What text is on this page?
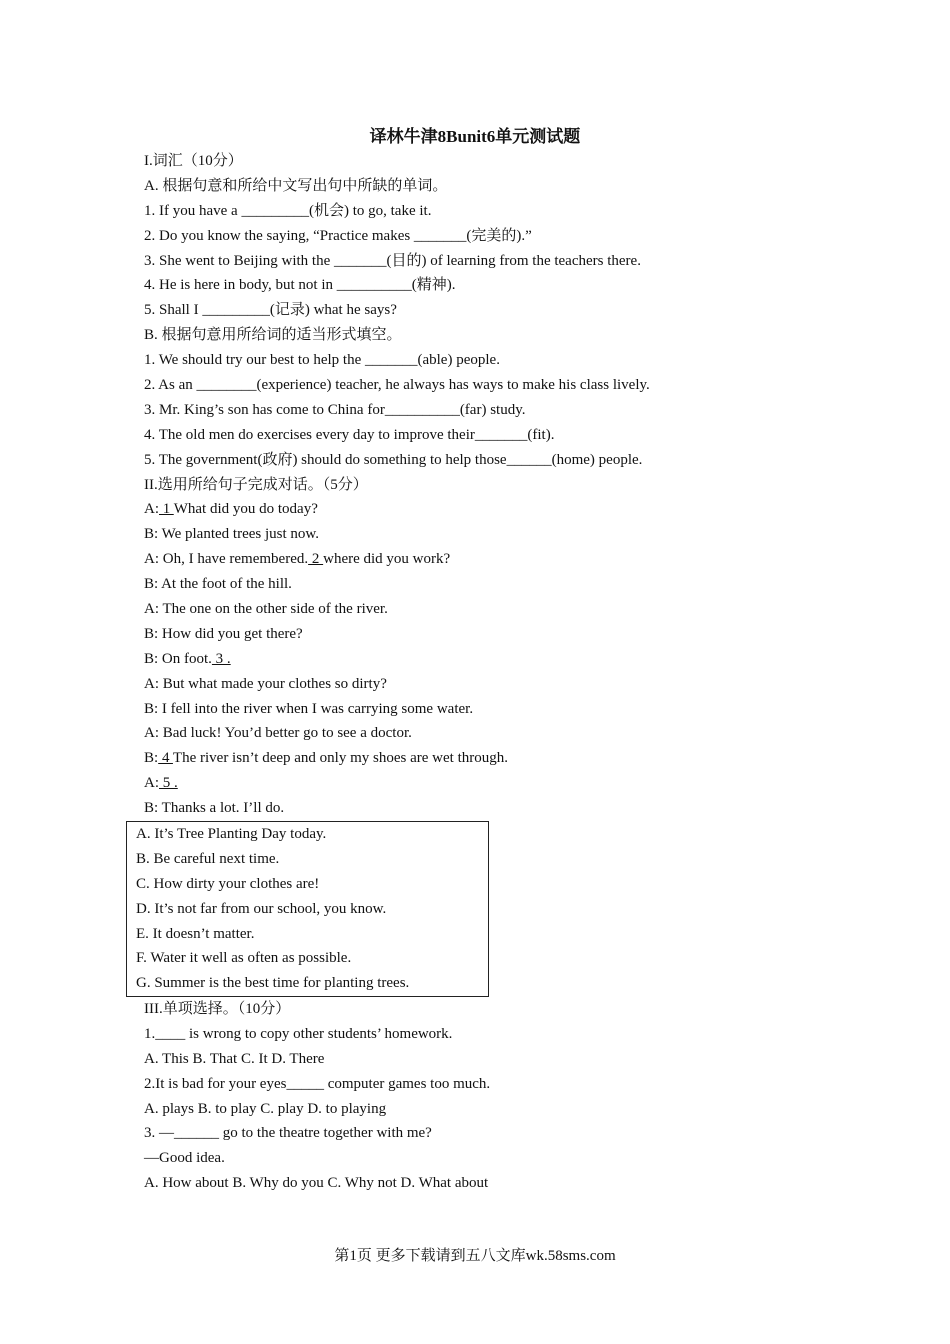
译林牛津8Bunit6单元测试题
I.词汇（10分）
A. 根据句意和所给中文写出句中所缺的单词。
1. If you have a _________(机会) to go, take it.
2. Do you know the saying, “Practice makes _______(完美的).”
3. She went to Beijing with the _______(目的) of learning from the teachers there.
4. He is here in body, but not in __________(精神).
5. Shall I _________(记录) what he says?
B. 根据句意用所给词的适当形式填空。
1. We should try our best to help the _______(able) people.
2. As an ________(experience) teacher, he always has ways to make his class lively.
3. Mr. King’s son has come to China for__________(far) study.
4. The old men do exercises every day to improve their_______(fit).
5. The government(政府) should do something to help those______(home) people.
II.选用所给句子完成对话。（5分）
A: 1 What did you do today?
B: We planted trees just now.
A: Oh, I have remembered. 2 where did you work?
B: At the foot of the hill.
A: The one on the other side of the river.
B: How did you get there?
B: On foot. 3 .
A: But what made your clothes so dirty?
B: I fell into the river when I was carrying some water.
A: Bad luck! You’d better go to see a doctor.
B: 4 The river isn’t deep and only my shoes are wet through.
A: 5 .
B: Thanks a lot. I’ll do.
A. It’s Tree Planting Day today.
B. Be careful next time.
C. How dirty your clothes are!
D. It’s not far from our school, you know.
E. It doesn’t matter.
F. Water it well as often as possible.
G. Summer is the best time for planting trees.
III.单项选择。（10分）
1.____ is wrong to copy other students’ homework.
A. This B. That C. It D. There
2.It is bad for your eyes_____ computer games too much.
A. plays B. to play C. play D. to playing
3. —______ go to the theatre together with me?
—Good idea.
A. How about B. Why do you C. Why not D. What about
第1页 更多下载请到五八文库wk.58sms.com
